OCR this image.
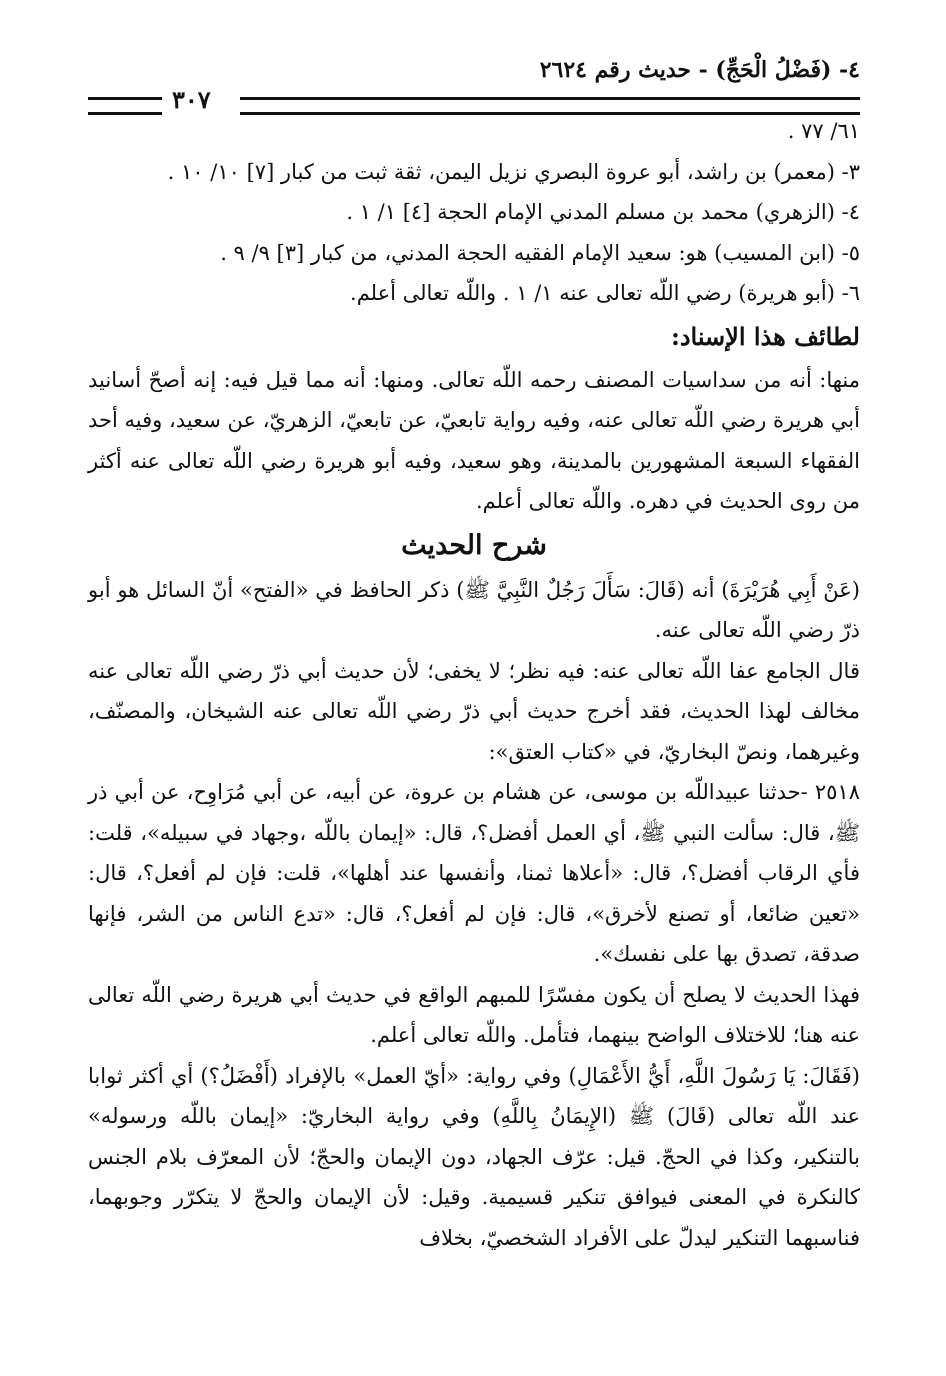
٤- (فَضْلُ الْحَجِّ) - حديث رقم ٢٦٢٤
٣٠٧

٦١/ ٧٧ .

٣- (معمر) بن راشد، أبو عروة البصري نزيل اليمن، ثقة ثبت من كبار [٧] ١٠/ ١٠ .

٤- (الزهري) محمد بن مسلم المدني الإمام الحجة [٤] ١/ ١ .

٥- (ابن المسيب) هو: سعيد الإمام الفقيه الحجة المدني، من كبار [٣] ٩/ ٩ .

٦- (أبو هريرة) رضي اللّه تعالى عنه ١/ ١ . واللّه تعالى أعلم.

لطائف هذا الإسناد:

منها: أنه من سداسيات المصنف رحمه اللّه تعالى. ومنها: أنه مما قيل فيه: إنه أصحّ أسانيد أبي هريرة رضي اللّه تعالى عنه، وفيه رواية تابعيّ، عن تابعيّ، الزهريّ، عن سعيد، وفيه أحد الفقهاء السبعة المشهورين بالمدينة، وهو سعيد، وفيه أبو هريرة رضي اللّه تعالى عنه أكثر من روى الحديث في دهره. واللّه تعالى أعلم.

شرح الحديث

(عَنْ أَبِي هُرَيْرَةَ) أنه (قَالَ: سَأَلَ رَجُلٌ النَّبِيَّ ﷺ) ذكر الحافظ في «الفتح» أنّ السائل هو أبو ذرّ رضي اللّه تعالى عنه.

قال الجامع عفا اللّه تعالى عنه: فيه نظر؛ لا يخفى؛ لأن حديث أبي ذرّ رضي اللّه تعالى عنه مخالف لهذا الحديث، فقد أخرج حديث أبي ذرّ رضي اللّه تعالى عنه الشيخان، والمصنّف، وغيرهما، ونصّ البخاريّ، في «كتاب العتق»:

٢٥١٨ -حدثنا عبيداللّه بن موسى، عن هشام بن عروة، عن أبيه، عن أبي مُرَاوِح، عن أبي ذر ﷺ، قال: سألت النبي ﷺ، أي العمل أفضل؟، قال: «إيمان باللّه ،وجهاد في سبيله»، قلت: فأي الرقاب أفضل؟، قال: «أعلاها ثمنا، وأنفسها عند أهلها»، قلت: فإن لم أفعل؟، قال: «تعين ضائعا، أو تصنع لأخرق»، قال: فإن لم أفعل؟، قال: «تدع الناس من الشر، فإنها صدقة، تصدق بها على نفسك».

فهذا الحديث لا يصلح أن يكون مفسّرًا للمبهم الواقع في حديث أبي هريرة رضي اللّه تعالى عنه هنا؛ للاختلاف الواضح بينهما، فتأمل. واللّه تعالى أعلم.

(فَقَالَ: يَا رَسُولَ اللَّهِ، أَيُّ الأَعْمَالِ) وفي رواية: «أيّ العمل» بالإفراد (أَفْضَلُ؟) أي أكثر ثوابا عند اللّه تعالى (قَالَ) ﷺ (الإِيمَانُ بِاللَّهِ) وفي رواية البخاريّ: «إيمان باللّه ورسوله» بالتنكير، وكذا في الحجّ. قيل: عرّف الجهاد، دون الإيمان والحجّ؛ لأن المعرّف بلام الجنس كالنكرة في المعنى فيوافق تنكير قسيمية. وقيل: لأن الإيمان والحجّ لا يتكرّر وجوبهما، فناسبهما التنكير ليدلّ على الأفراد الشخصيّ، بخلاف
